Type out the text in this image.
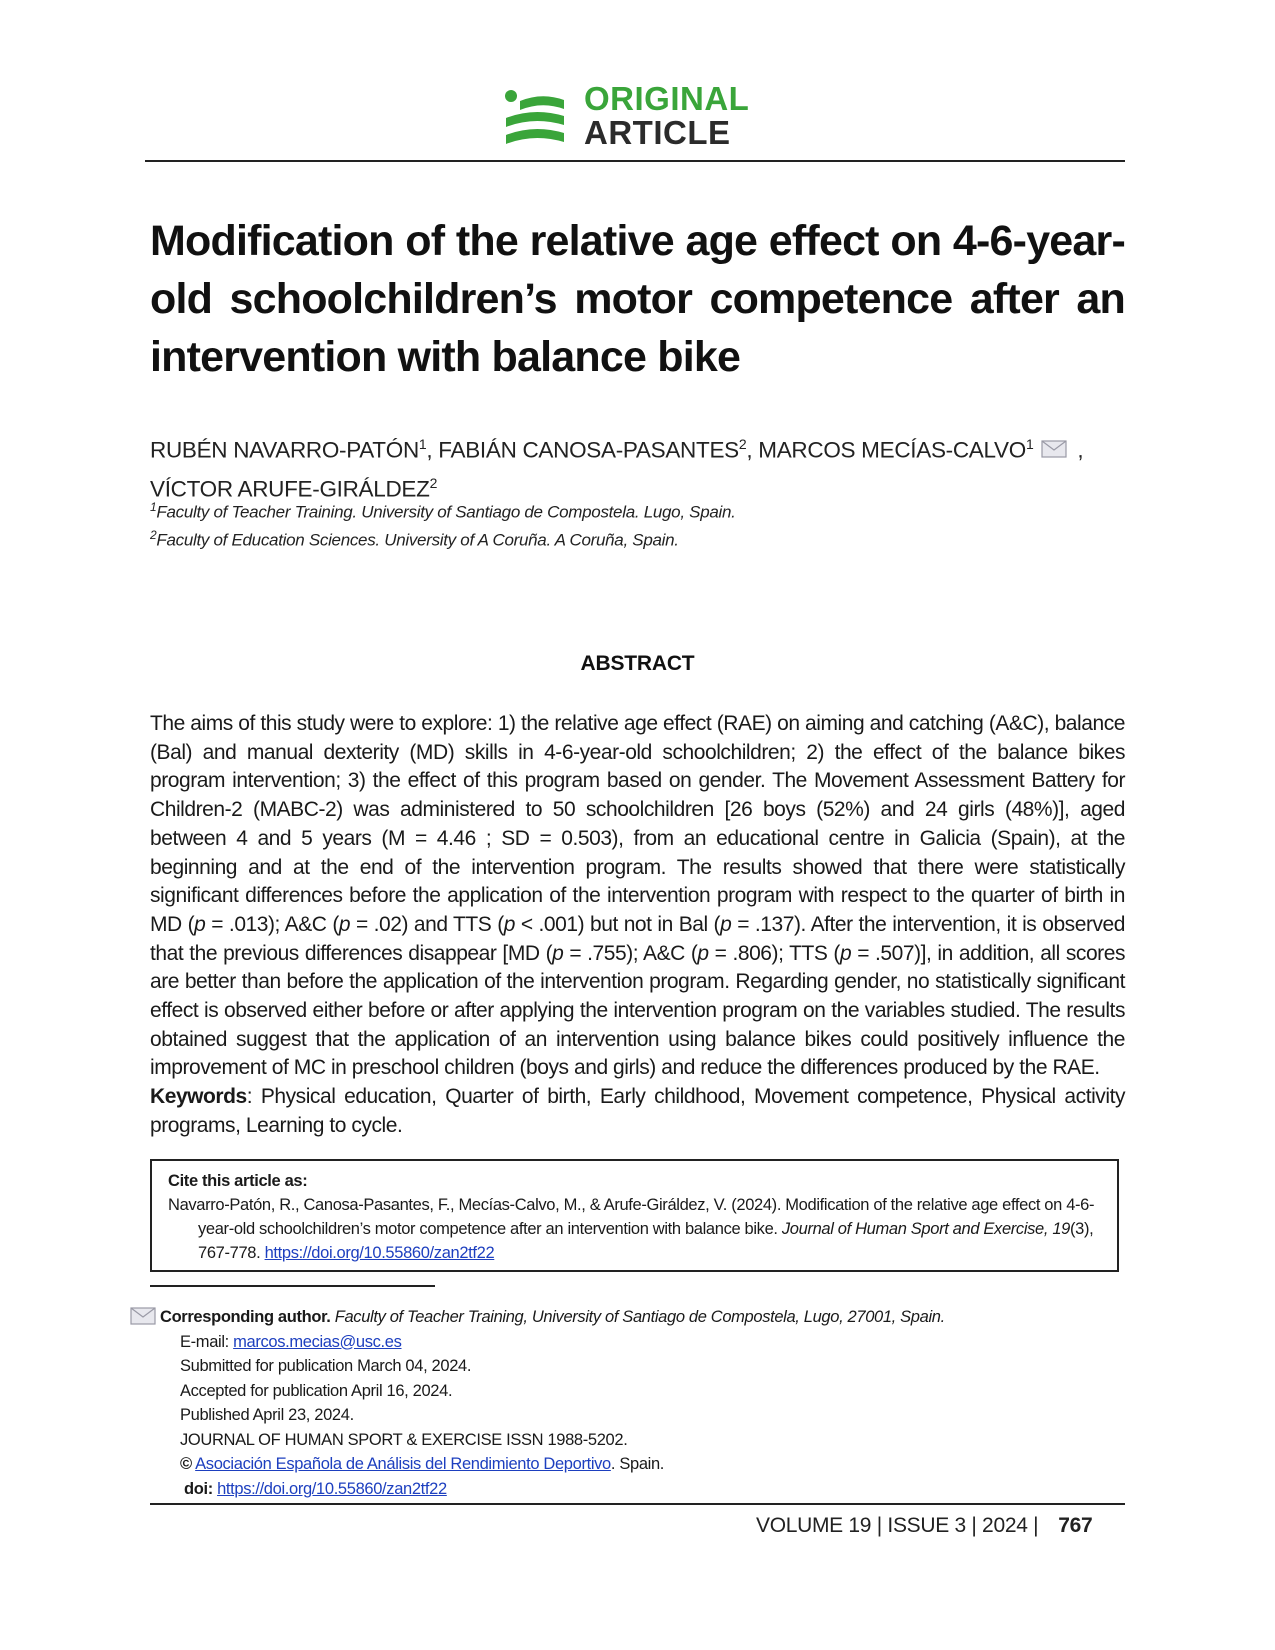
ORIGINAL
ARTICLE
Modification of the relative age effect on 4-6-year-old schoolchildren’s motor competence after an intervention with balance bike
RUBÉN NAVARRO-PATÓN$^1$, FABIÁN CANOSA-PASANTES$^2$, MARCOS MECÍAS-CALVO$^1$ , VÍCTOR ARUFE-GIRÁLDEZ$^2$
$^1$Faculty of Teacher Training. University of Santiago de Compostela. Lugo, Spain.
$^2$Faculty of Education Sciences. University of A Coruña. A Coruña, Spain.
ABSTRACT
The aims of this study were to explore: 1) the relative age effect (RAE) on aiming and catching (A&C), balance (Bal) and manual dexterity (MD) skills in 4-6-year-old schoolchildren; 2) the effect of the balance bikes program intervention; 3) the effect of this program based on gender. The Movement Assessment Battery for Children-2 (MABC-2) was administered to 50 schoolchildren [26 boys (52%) and 24 girls (48%)], aged between 4 and 5 years (M = 4.46 ; SD = 0.503), from an educational centre in Galicia (Spain), at the beginning and at the end of the intervention program. The results showed that there were statistically significant differences before the application of the intervention program with respect to the quarter of birth in MD (p = .013); A&C (p = .02) and TTS (p < .001) but not in Bal (p = .137). After the intervention, it is observed that the previous differences disappear [MD (p = .755); A&C (p = .806); TTS (p = .507)], in addition, all scores are better than before the application of the intervention program. Regarding gender, no statistically significant effect is observed either before or after applying the intervention program on the variables studied. The results obtained suggest that the application of an intervention using balance bikes could positively influence the improvement of MC in preschool children (boys and girls) and reduce the differences produced by the RAE.

Keywords: Physical education, Quarter of birth, Early childhood, Movement competence, Physical activity programs, Learning to cycle.

Cite this article as:
Navarro-Patón, R., Canosa-Pasantes, F., Mecías-Calvo, M., & Arufe-Giráldez, V. (2024). Modification of the relative age effect on 4-6-year-old schoolchildren’s motor competence after an intervention with balance bike. Journal of Human Sport and Exercise, 19(3), 767-778. https://doi.org/10.55860/zan2tf22
Corresponding author. Faculty of Teacher Training, University of Santiago de Compostela, Lugo, 27001, Spain.
E-mail: marcos.mecias@usc.es
Submitted for publication March 04, 2024.
Accepted for publication April 16, 2024.
Published April 23, 2024.
JOURNAL OF HUMAN SPORT & EXERCISE ISSN 1988-5202.
© Asociación Española de Análisis del Rendimiento Deportivo. Spain.
doi: https://doi.org/10.55860/zan2tf22
VOLUME 19 | ISSUE 3 | 2024 | 767
